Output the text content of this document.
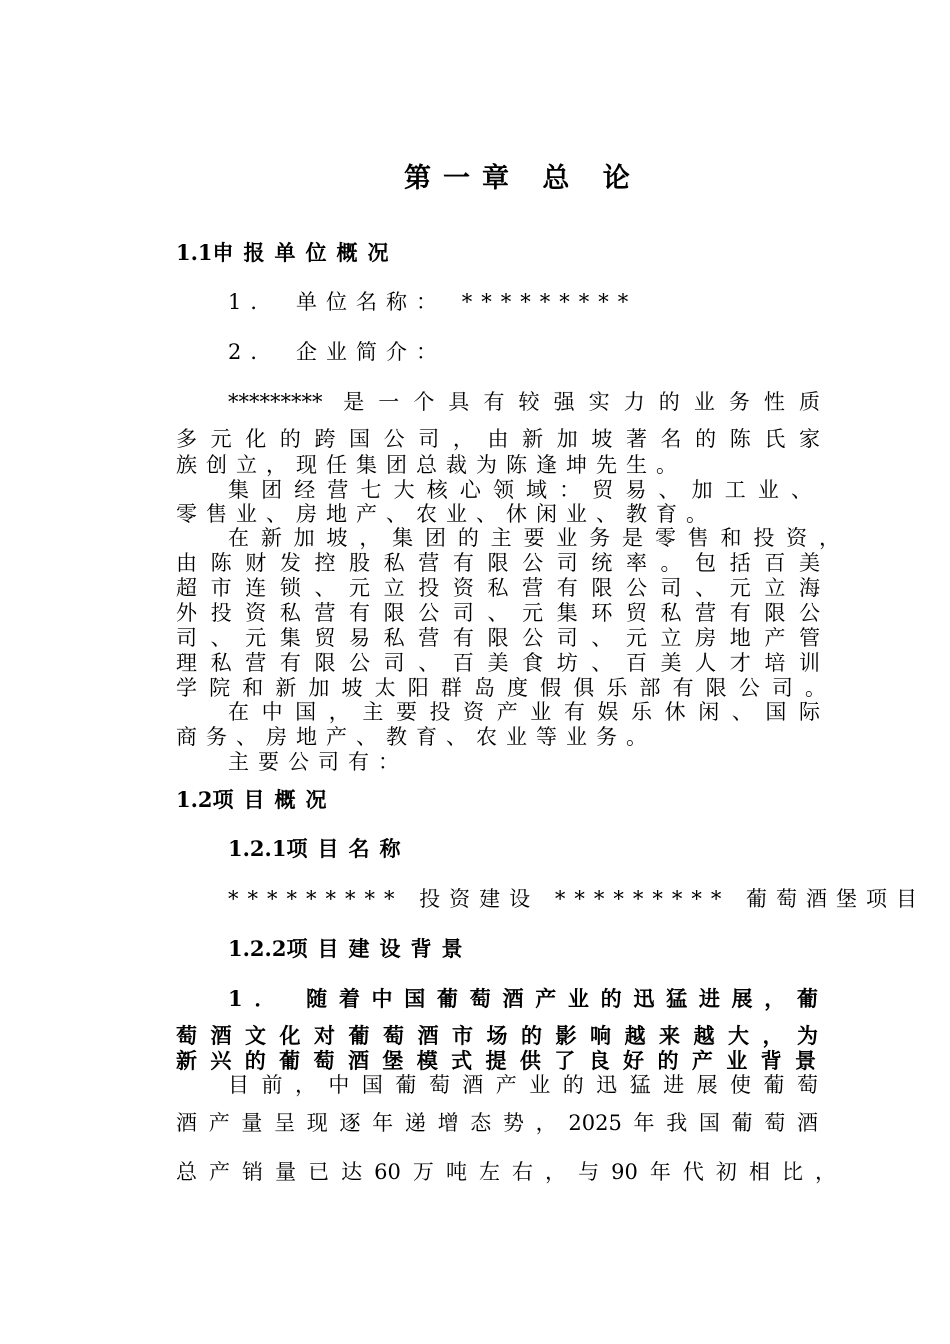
第一章 总 论
1.1申报单位概况
1． 单位名称： *********
2． 企业简介：
********* 是一个具有较强实力的业务性质
多元化的跨国公司，由新加坡著名的陈氏家
族创立，现任集团总裁为陈逢坤先生。
集团经营七大核心领域：贸易、加工业、
零售业、房地产、农业、休闲业、教育。
在新加坡，集团的主要业务是零售和投资，
由陈财发控股私营有限公司统率。包括百美
超市连锁、元立投资私营有限公司、元立海
外投资私营有限公司、元集环贸私营有限公
司、元集贸易私营有限公司、元立房地产管
理私营有限公司、百美食坊、百美人才培训
学院和新加坡太阳群岛度假俱乐部有限公司。
在中国，主要投资产业有娱乐休闲、国际
商务、房地产、教育、农业等业务。
主要公司有：
1.2项目概况
1.2.1项目名称
********* 投资建设 ********* 葡萄酒堡项目
1.2.2项目建设背景
1． 随着中国葡萄酒产业的迅猛进展，葡
萄酒文化对葡萄酒市场的影响越来越大，为
新兴的葡萄酒堡模式提供了良好的产业背景
目前，中国葡萄酒产业的迅猛进展使葡萄
酒产量呈现逐年递增态势，2025年我国葡萄酒
总产销量已达60万吨左右，与90年代初相比，
